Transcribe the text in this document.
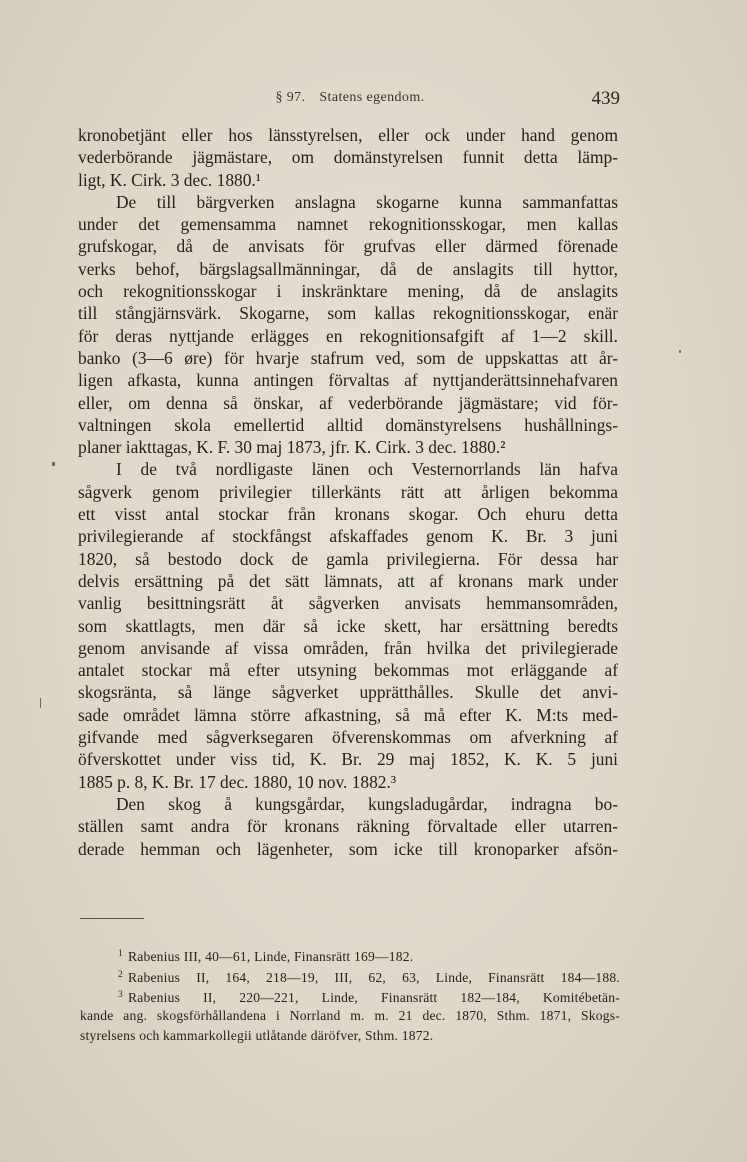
§ 97. Statens egendom.	439
kronobetjänt eller hos länsstyrelsen, eller ock under hand genom
vederbörande jägmästare, om domänstyrelsen funnit detta lämp-
ligt, K. Cirk. 3 dec. 1880.¹
De till bärgverken anslagna skogarne kunna sammanfattas
under det gemensamma namnet rekognitionsskogar, men kallas
grufskogar, då de anvisats för grufvas eller därmed förenade
verks behof, bärgslagsallmänningar, då de anslagits till hyttor,
och rekognitionsskogar i inskränktare mening, då de anslagits
till stångjärnsvärk. Skogarne, som kallas rekognitionsskogar, enär
för deras nyttjande erlägges en rekognitionsafgift af 1—2 skill.
banko (3—6 øre) för hvarje stafrum ved, som de uppskattas att år-
ligen afkasta, kunna antingen förvaltas af nyttjanderättsinnehafvaren
eller, om denna så önskar, af vederbörande jägmästare; vid för-
valtningen skola emellertid alltid domänstyrelsens hushållnings-
planer iakttagas, K. F. 30 maj 1873, jfr. K. Cirk. 3 dec. 1880.²
I de två nordligaste länen och Vesternorrlands län hafva
sågverk genom privilegier tillerkänts rätt att årligen bekomma
ett visst antal stockar från kronans skogar. Och ehuru detta
privilegierande af stockfångst afskaffades genom K. Br. 3 juni
1820, så bestodo dock de gamla privilegierna. För dessa har
delvis ersättning på det sätt lämnats, att af kronans mark under
vanlig besittningsrätt åt sågverken anvisats hemmansområden,
som skattlagts, men där så icke skett, har ersättning beredts
genom anvisande af vissa områden, från hvilka det privilegierade
antalet stockar må efter utsyning bekommas mot erläggande af
skogsränta, så länge sågverket upprätthålles. Skulle det anvi-
sade området lämna större afkastning, så må efter K. M:ts med-
gifvande med sågverksegaren öfverenskommas om afverkning af
öfverskottet under viss tid, K. Br. 29 maj 1852, K. K. 5 juni
1885 p. 8, K. Br. 17 dec. 1880, 10 nov. 1882.³
Den skog å kungsgårdar, kungsladugårdar, indragna bo-
ställen samt andra för kronans räkning förvaltade eller utarren-
derade hemman och lägenheter, som icke till kronoparker afsön-
$^1$ Rabenius III, 40—61, Linde, Finansrätt 169—182.
$^2$ Rabenius II, 164, 218—19, III, 62, 63, Linde, Finansrätt 184—188.
$^3$ Rabenius II, 220—221, Linde, Finansrätt 182—184, Komitébetän-
kande ang. skogsförhållandena i Norrland m. m. 21 dec. 1870, Sthm. 1871, Skogs-
styrelsens och kammarkollegii utlåtande däröfver, Sthm. 1872.
